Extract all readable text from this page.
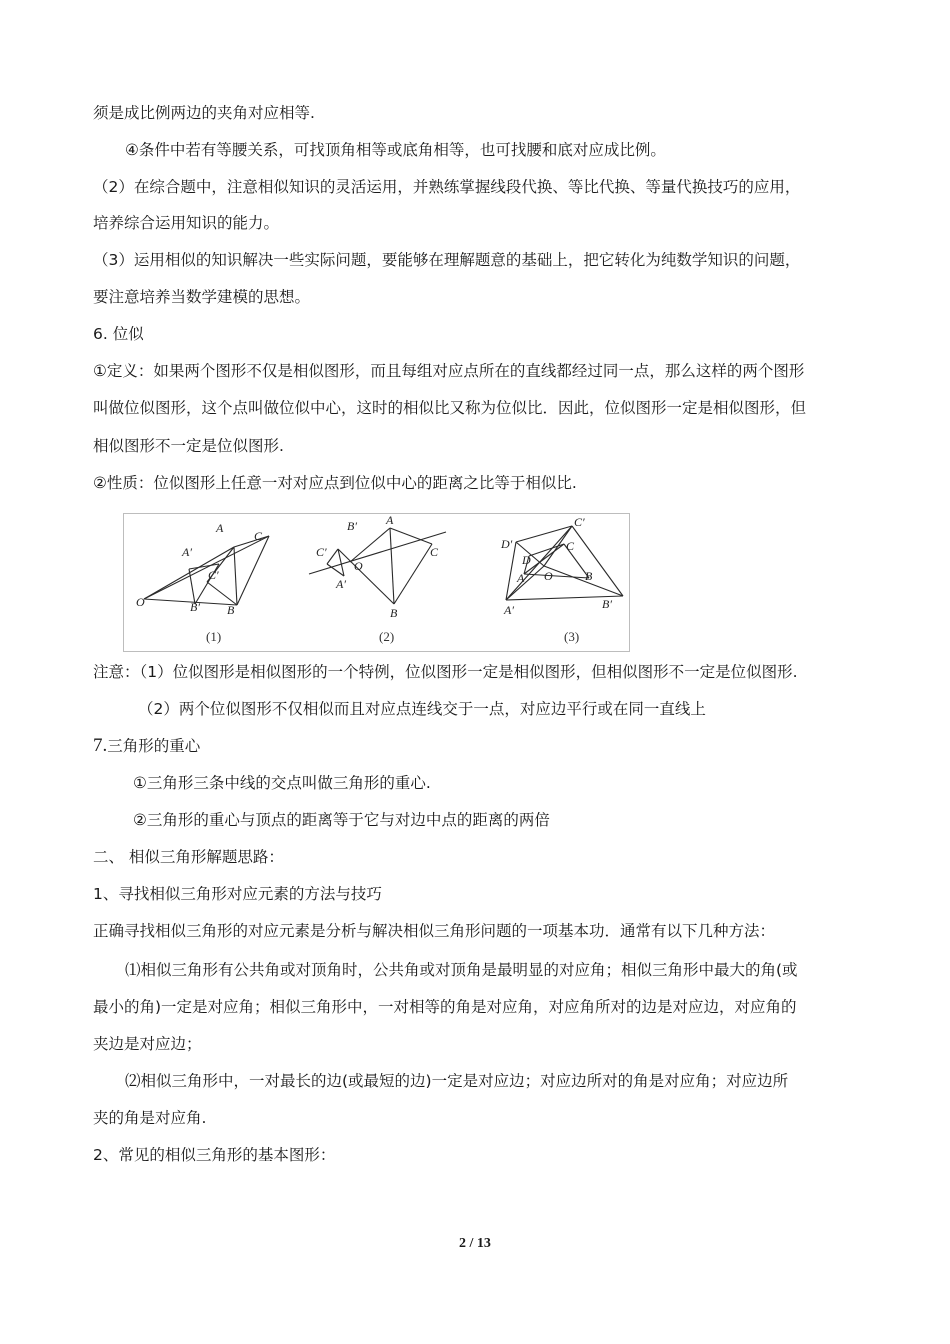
须是成比例两边的夹角对应相等.
④条件中若有等腰关系，可找顶角相等或底角相等，也可找腰和底对应成比例。
（2）在综合题中，注意相似知识的灵活运用，并熟练掌握线段代换、等比代换、等量代换技巧的应用，
培养综合运用知识的能力。
（3）运用相似的知识解决一些实际问题，要能够在理解题意的基础上，把它转化为纯数学知识的问题，
要注意培养当数学建模的思想。
6. 位似
①定义：如果两个图形不仅是相似图形，而且每组对应点所在的直线都经过同一点，那么这样的两个图形
叫做位似图形，这个点叫做位似中心，这时的相似比又称为位似比．因此，位似图形一定是相似图形，但
相似图形不一定是位似图形.
②性质：位似图形上任意一对对应点到位似中心的距离之比等于相似比.
O
A
C
A′
C′
B′ B
B′ A
C′
A′
O
C
B
C′
D′	C
D
A O	B
A′	B′
(1)	(2)	(3)
注意：（1）位似图形是相似图形的一个特例，位似图形一定是相似图形，但相似图形不一定是位似图形.
（2）两个位似图形不仅相似而且对应点连线交于一点，对应边平行或在同一直线上
7.三角形的重心
①三角形三条中线的交点叫做三角形的重心.
②三角形的重心与顶点的距离等于它与对边中点的距离的两倍
二、 相似三角形解题思路：
1、寻找相似三角形对应元素的方法与技巧
正确寻找相似三角形的对应元素是分析与解决相似三角形问题的一项基本功．通常有以下几种方法：
⑴相似三角形有公共角或对顶角时，公共角或对顶角是最明显的对应角；相似三角形中最大的角(或
最小的角)一定是对应角；相似三角形中，一对相等的角是对应角，对应角所对的边是对应边，对应角的
夹边是对应边；
⑵相似三角形中，一对最长的边(或最短的边)一定是对应边；对应边所对的角是对应角；对应边所
夹的角是对应角.
2、常见的相似三角形的基本图形：
2 / 13
